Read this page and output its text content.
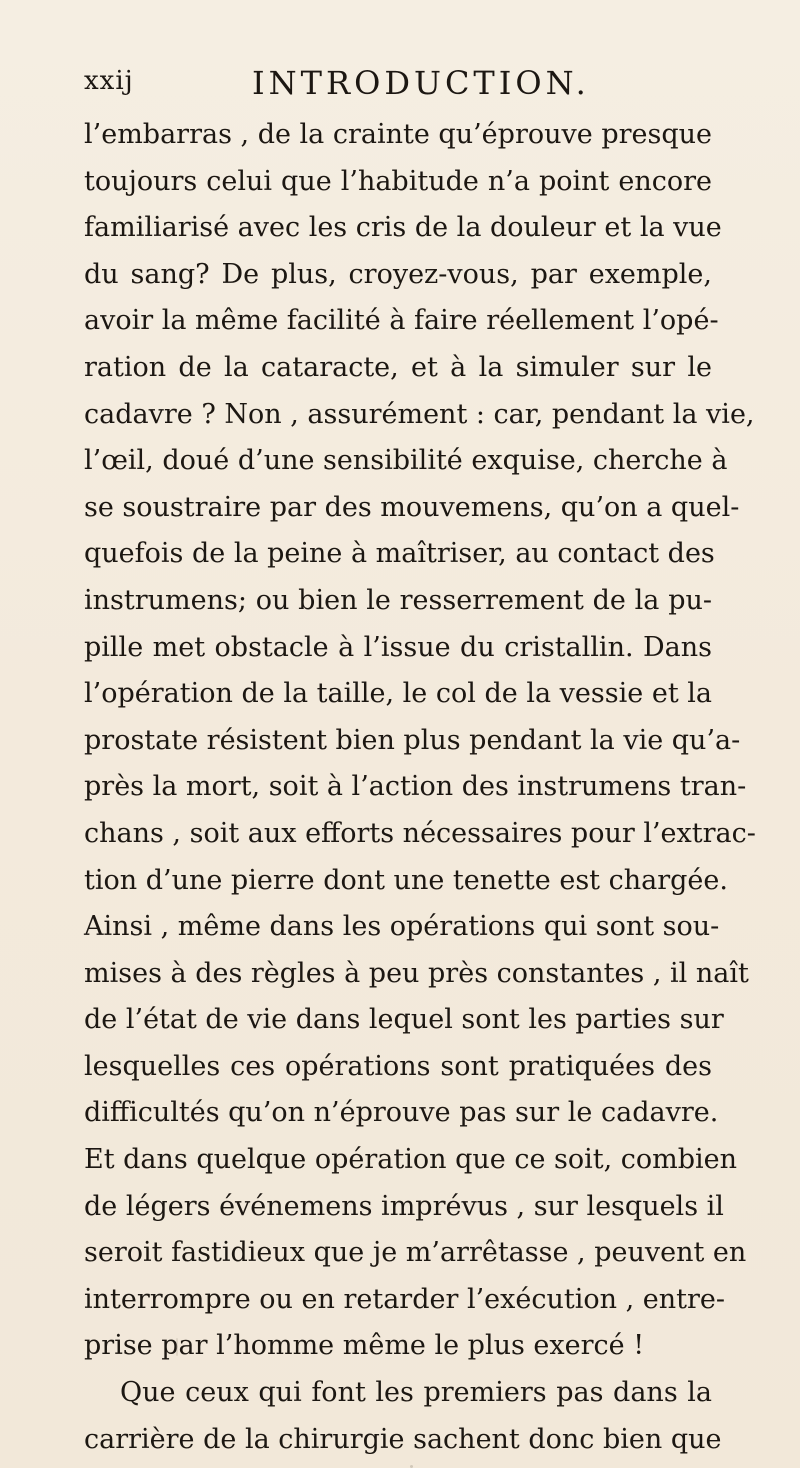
xxij	INTRODUCTION.
l’embarras , de la crainte qu’éprouve presque
toujours celui que l’habitude n’a point encore
familiarisé avec les cris de la douleur et la vue
du sang? De plus, croyez-vous, par exemple,
avoir la même facilité à faire réellement l’opé-
ration de la cataracte, et à la simuler sur le
cadavre ? Non , assurément : car, pendant la vie,
l’œil, doué d’une sensibilité exquise, cherche à
se soustraire par des mouvemens, qu’on a quel-
quefois de la peine à maîtriser, au contact des
instrumens; ou bien le resserrement de la pu-
pille met obstacle à l’issue du cristallin. Dans
l’opération de la taille, le col de la vessie et la
prostate résistent bien plus pendant la vie qu’a-
près la mort, soit à l’action des instrumens tran-
chans , soit aux efforts nécessaires pour l’extrac-
tion d’une pierre dont une tenette est chargée.
Ainsi , même dans les opérations qui sont sou-
mises à des règles à peu près constantes , il naît
de l’état de vie dans lequel sont les parties sur
lesquelles ces opérations sont pratiquées des
difficultés qu’on n’éprouve pas sur le cadavre.
Et dans quelque opération que ce soit, combien
de légers événemens imprévus , sur lesquels il
seroit fastidieux que je m’arrêtasse , peuvent en
interrompre ou en retarder l’exécution , entre-
prise par l’homme même le plus exercé !
Que ceux qui font les premiers pas dans la
carrière de la chirurgie sachent donc bien que
